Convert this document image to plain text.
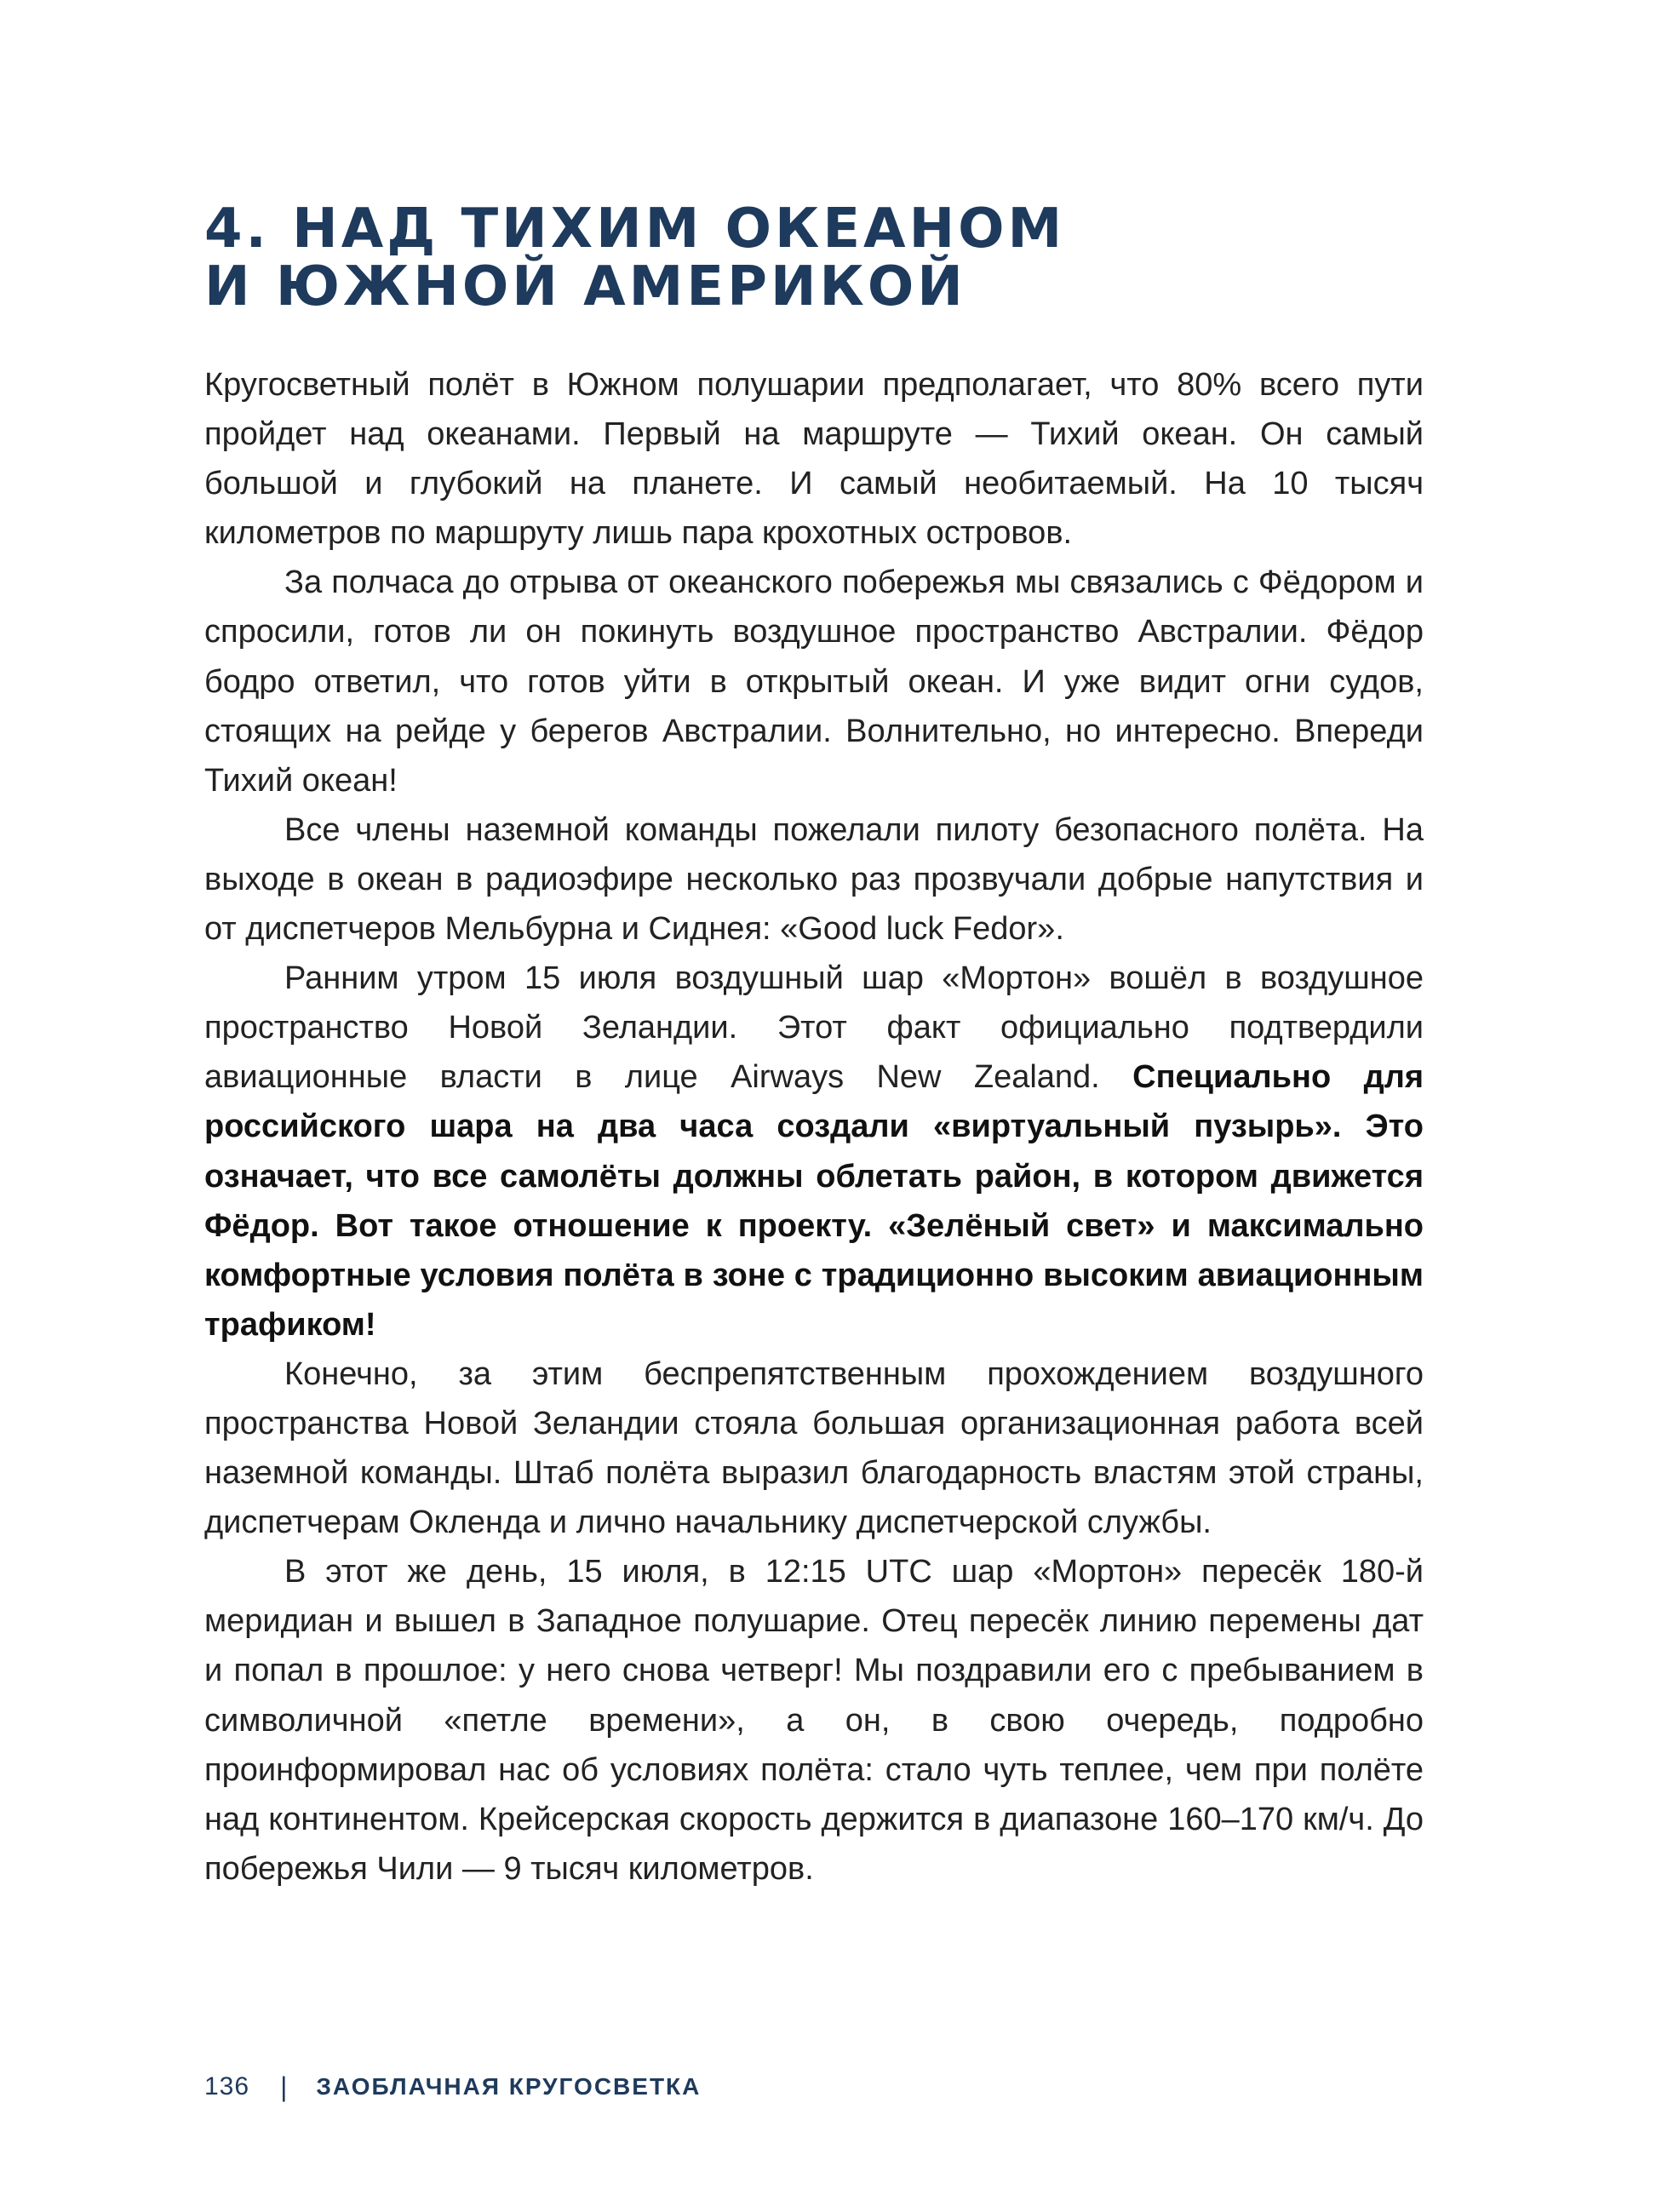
4. НАД ТИХИМ ОКЕАНОМ
И ЮЖНОЙ АМЕРИКОЙ

Кругосветный полёт в Южном полушарии предполагает, что 80% всего пути пройдет над океанами. Первый на маршруте — Тихий океан. Он самый большой и глубокий на планете. И самый необитаемый. На 10 тысяч километров по маршруту лишь пара крохотных островов.

За полчаса до отрыва от океанского побережья мы связались с Фёдором и спросили, готов ли он покинуть воздушное пространство Австралии. Фёдор бодро ответил, что готов уйти в открытый океан. И уже видит огни судов, стоящих на рейде у берегов Австралии. Волнительно, но интересно. Впереди Тихий океан!

Все члены наземной команды пожелали пилоту безопасного полёта. На выходе в океан в радиоэфире несколько раз прозвучали добрые напутствия и от диспетчеров Мельбурна и Сиднея: «Good luck Fedor».

Ранним утром 15 июля воздушный шар «Мортон» вошёл в воздушное пространство Новой Зеландии. Этот факт официально подтвердили авиационные власти в лице Airways New Zealand. Специально для российского шара на два часа создали «виртуальный пузырь». Это означает, что все самолёты должны облетать район, в котором движется Фёдор. Вот такое отношение к проекту. «Зелёный свет» и максимально комфортные условия полёта в зоне с традиционно высоким авиационным трафиком!

Конечно, за этим беспрепятственным прохождением воздушного пространства Новой Зеландии стояла большая организационная работа всей наземной команды. Штаб полёта выразил благодарность властям этой страны, диспетчерам Окленда и лично начальнику диспетчерской службы.

В этот же день, 15 июля, в 12:15 UTC шар «Мортон» пересёк 180-й меридиан и вышел в Западное полушарие. Отец пересёк линию перемены дат и попал в прошлое: у него снова четверг! Мы поздравили его с пребыванием в символичной «петле времени», а он, в свою очередь, подробно проинформировал нас об условиях полёта: стало чуть теплее, чем при полёте над континентом. Крейсерская скорость держится в диапазоне 160–170 км/ч. До побережья Чили — 9 тысяч километров.

136 | ЗАОБЛАЧНАЯ КРУГОСВЕТКА
